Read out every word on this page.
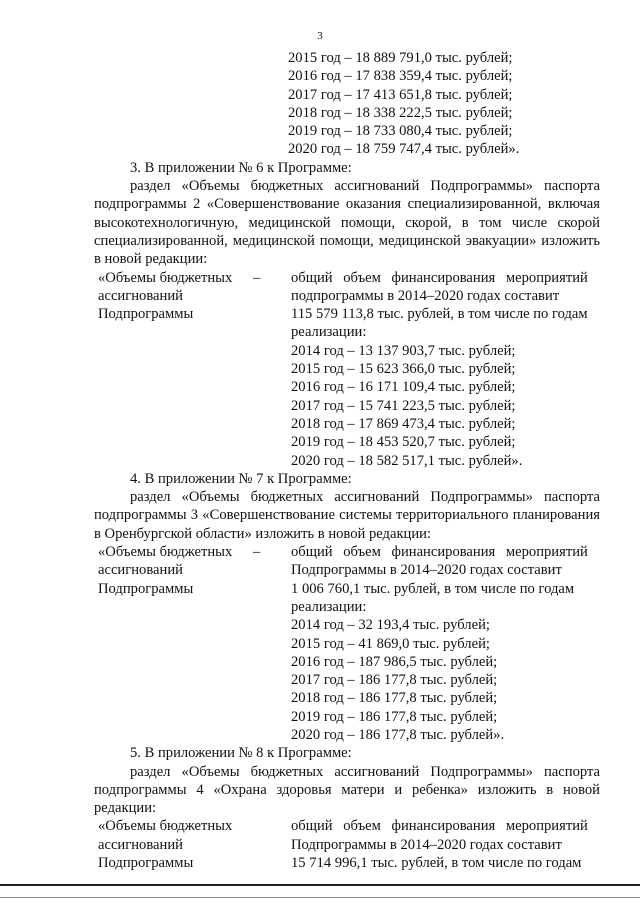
3
2015 год – 18 889 791,0 тыс. рублей;
2016 год – 17 838 359,4 тыс. рублей;
2017 год – 17 413 651,8 тыс. рублей;
2018 год – 18 338 222,5 тыс. рублей;
2019 год – 18 733 080,4 тыс. рублей;
2020 год – 18 759 747,4 тыс. рублей».
3. В приложении № 6 к Программе:
раздел «Объемы бюджетных ассигнований Подпрограммы» паспорта подпрограммы 2 «Совершенствование оказания специализированной, включая высокотехнологичную, медицинской помощи, скорой, в том числе скорой специализированной, медицинской помощи, медицинской эвакуации» изложить в новой редакции:
«Объемы бюджетных
ассигнований
Подпрограммы
–	общий объем финансирования мероприятий
подпрограммы в 2014–2020 годах составит
115 579 113,8 тыс. рублей, в том числе по годам
реализации:
2014 год – 13 137 903,7 тыс. рублей;
2015 год – 15 623 366,0 тыс. рублей;
2016 год – 16 171 109,4 тыс. рублей;
2017 год – 15 741 223,5 тыс. рублей;
2018 год – 17 869 473,4 тыс. рублей;
2019 год – 18 453 520,7 тыс. рублей;
2020 год – 18 582 517,1 тыс. рублей».
4. В приложении № 7 к Программе:
раздел «Объемы бюджетных ассигнований Подпрограммы» паспорта подпрограммы 3 «Совершенствование системы территориального планирования в Оренбургской области» изложить в новой редакции:
«Объемы бюджетных
ассигнований
Подпрограммы
–	общий объем финансирования мероприятий
Подпрограммы в 2014–2020 годах составит
1 006 760,1 тыс. рублей, в том числе по годам
реализации:
2014 год – 32 193,4 тыс. рублей;
2015 год – 41 869,0 тыс. рублей;
2016 год – 187 986,5 тыс. рублей;
2017 год – 186 177,8 тыс. рублей;
2018 год – 186 177,8 тыс. рублей;
2019 год – 186 177,8 тыс. рублей;
2020 год – 186 177,8 тыс. рублей».
5. В приложении № 8 к Программе:
раздел «Объемы бюджетных ассигнований Подпрограммы» паспорта подпрограммы 4 «Охрана здоровья матери и ребенка» изложить в новой редакции:
«Объемы бюджетных
ассигнований
Подпрограммы
общий объем финансирования мероприятий
Подпрограммы в 2014–2020 годах составит
15 714 996,1 тыс. рублей, в том числе по годам
